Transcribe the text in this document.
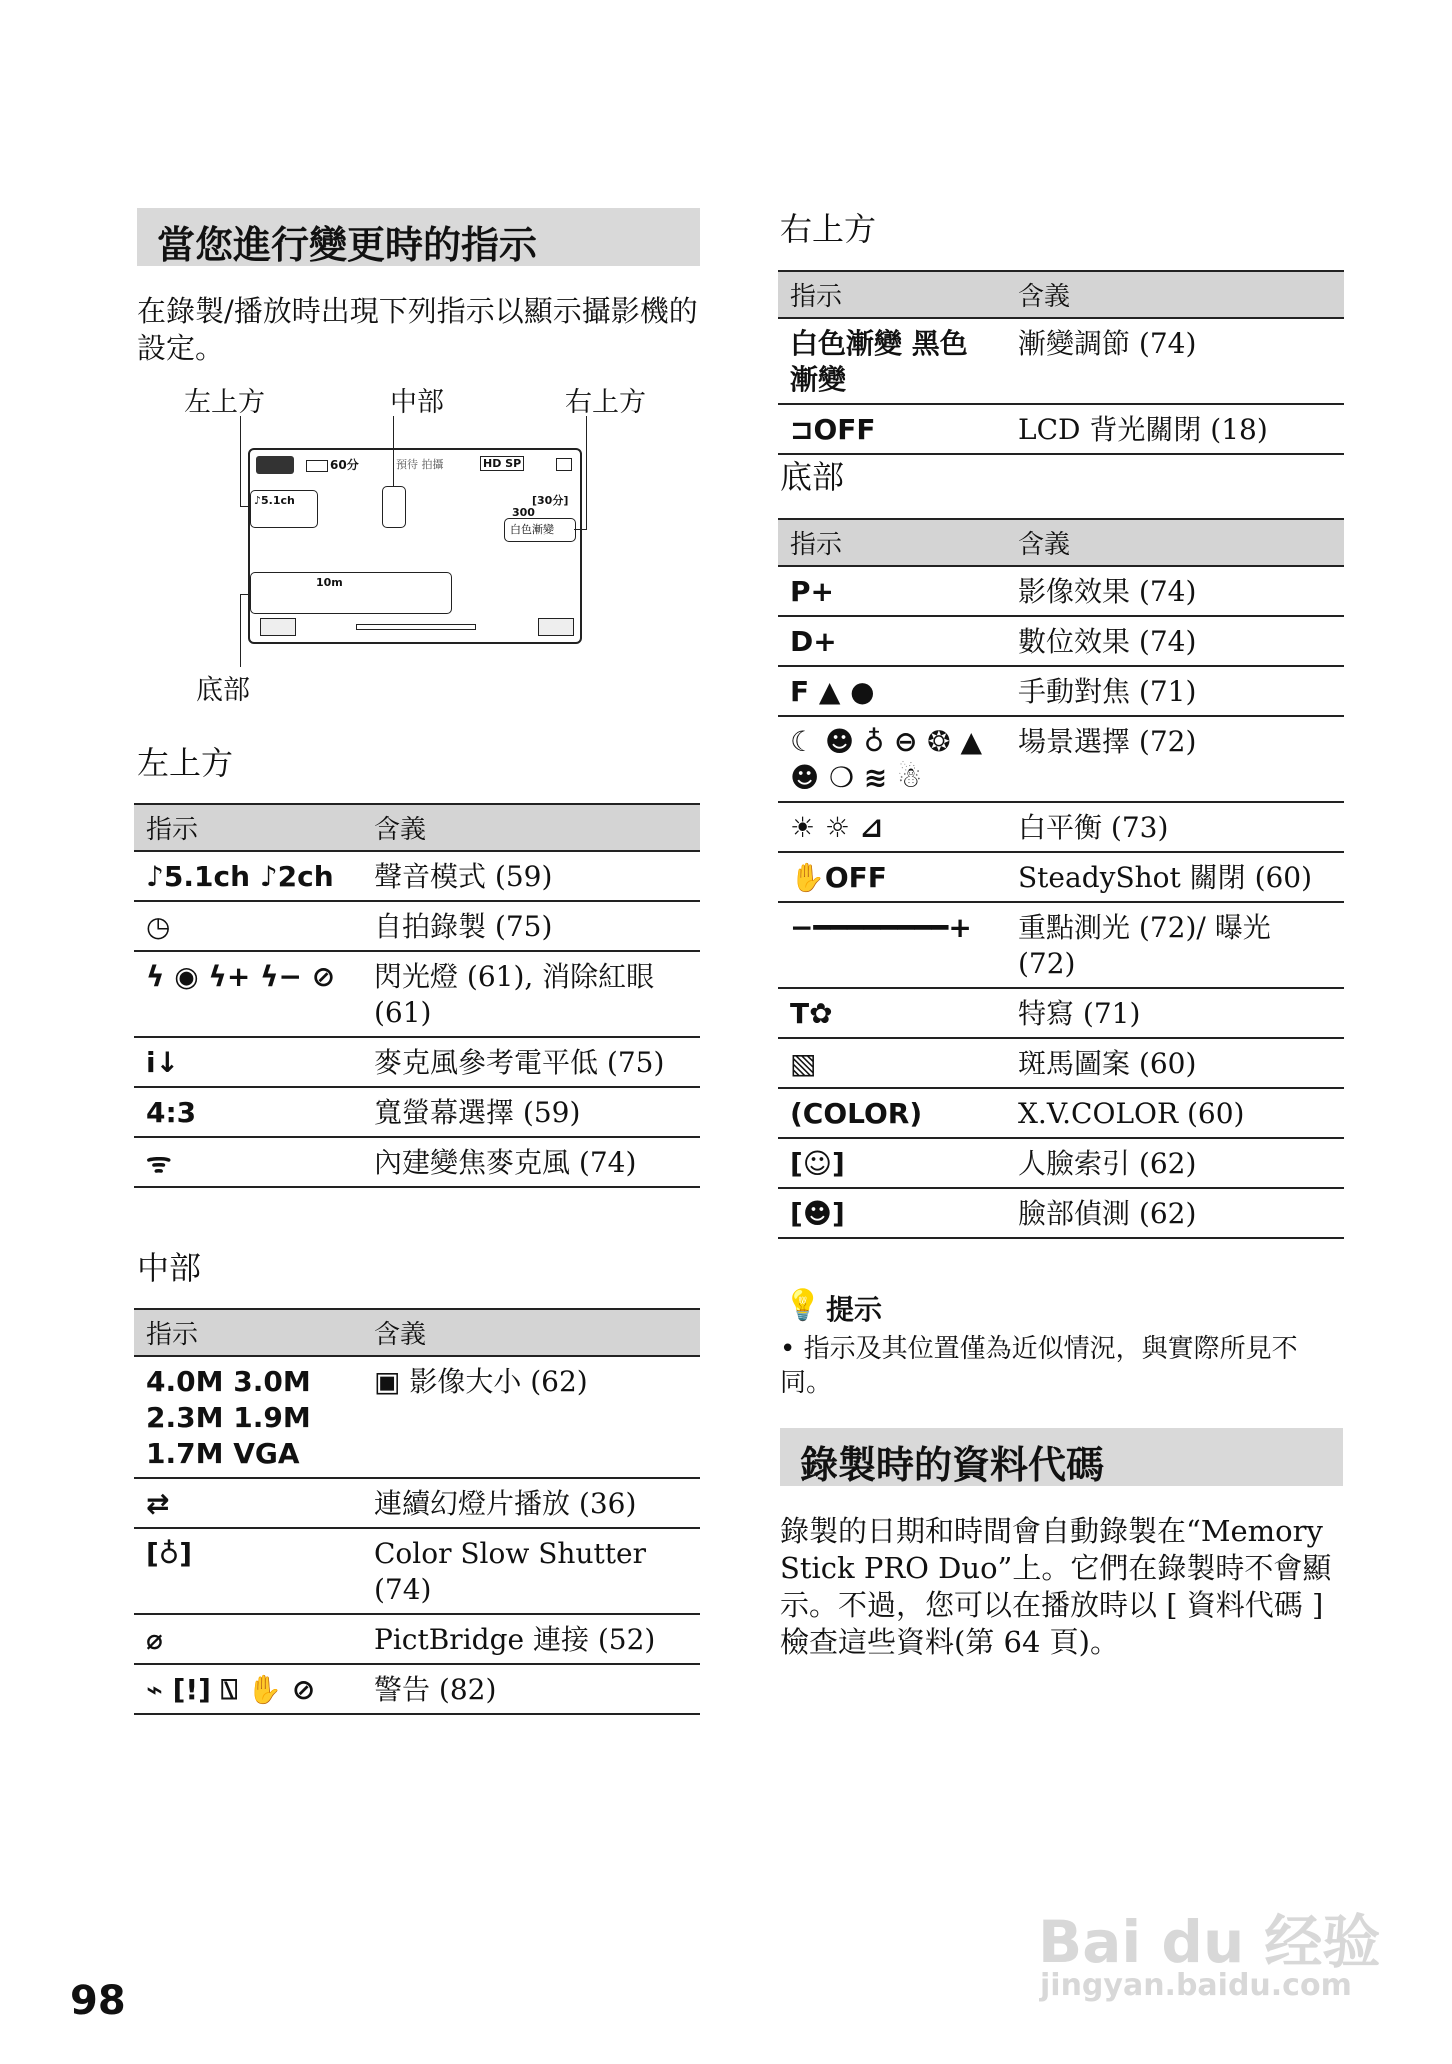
當您進行變更時的指示
在錄製/播放時出現下列指示以顯示攝影機的設定。
左上方	中部	右上方
底部
60分	預待 拍攝	HD SP
♪5.1ch	[30分]
300
白色漸變
10m
左上方
指示	含義
♪5.1ch ♪2ch	聲音模式 (59)
◷	自拍錄製 (75)
ϟ ◉ ϟ+ ϟ− ⊘	閃光燈 (61), 消除紅眼 (61)
i↓	麥克風參考電平低 (75)
4:3	寬螢幕選擇 (59)
ᯤ	內建變焦麥克風 (74)
中部
指示	含義
4.0M 3.0M 2.3M 1.9M 1.7M VGA	▣ 影像大小 (62)
⇄	連續幻燈片播放 (36)
[♁]	Color Slow Shutter (74)
⌀	PictBridge 連接 (52)
⌁ [!] ⍂ ✋ ⊘	警告 (82)
右上方
指示	含義
白色漸變 黑色漸變	漸變調節 (74)
⊐OFF	LCD 背光關閉 (18)
底部
指示	含義
P+	影像效果 (74)
D+	數位效果 (74)
F ▲ ●	手動對焦 (71)
☾ ☻ ♁ ⊖ ❂ ▲ ☻ ❍ ≋ ☃	場景選擇 (72)
☀ ☼ ⊿	白平衡 (73)
✋OFF	SteadyShot 關閉 (60)
−━━━━━━━━+	重點測光 (72)/ 曝光 (72)
T✿	特寫 (71)
▧	斑馬圖案 (60)
(COLOR)	X.V.COLOR (60)
[☺]	人臉索引 (62)
[☻]	臉部偵測 (62)
💡 提示
• 指示及其位置僅為近似情況，與實際所見不同。
錄製時的資料代碼
錄製的日期和時間會自動錄製在“Memory Stick PRO Duo”上。它們在錄製時不會顯示。不過，您可以在播放時以 [ 資料代碼 ] 檢查這些資料(第 64 頁)。
98
Bai du 经验
jingyan.baidu.com
